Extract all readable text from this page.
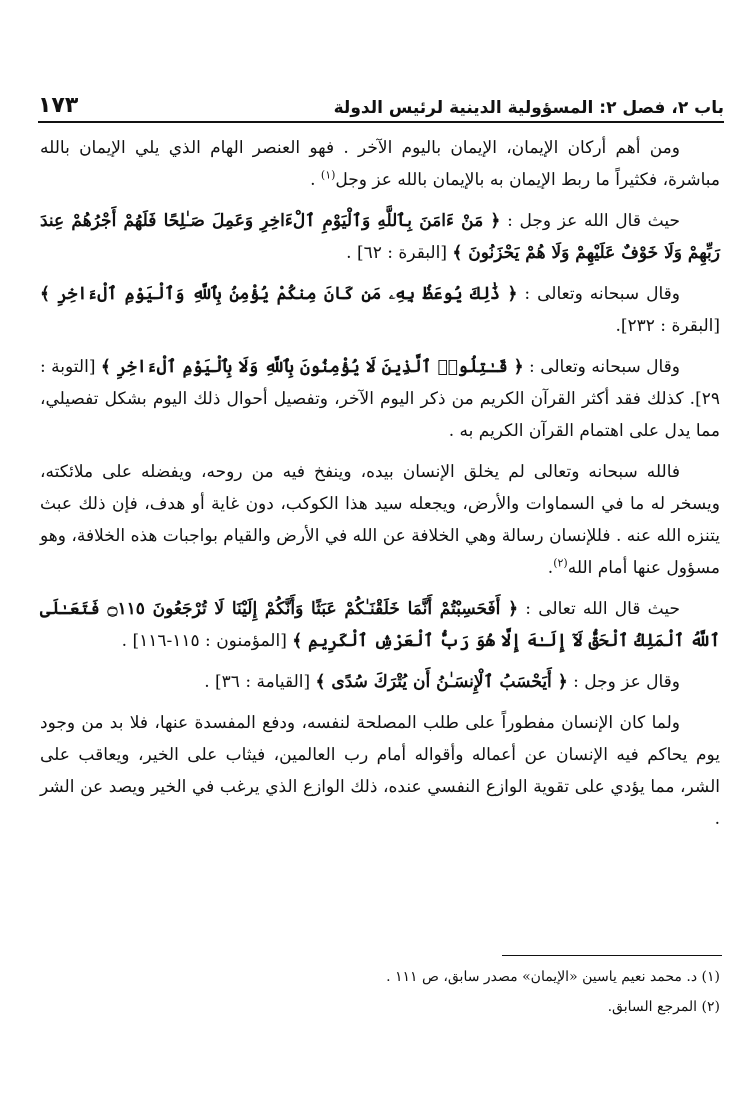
باب ٢، فصل ٢: المسؤولية الدينية لرئيس الدولة
١٧٣

ومن أهم أركان الإيمان، الإيمان باليوم الآخر . فهو العنصر الهام الذي يلي الإيمان بالله مباشرة، فكثيراً ما ربط الإيمان به بالإيمان بالله عز وجل$^{(١)}$ .

حيث قال الله عز وجل : ﴿ مَنْ ءَامَنَ بِٱللَّهِ وَٱلْيَوْمِ ٱلْءَاخِرِ وَعَمِلَ صَـٰلِحًا فَلَهُمْ أَجْرُهُمْ عِندَ رَبِّهِمْ وَلَا خَوْفٌ عَلَيْهِمْ وَلَا هُمْ يَحْزَنُونَ ﴾ [البقرة : ٦٢] .

وقال سبحانه وتعالى : ﴿ ذَٰلِكَ يُوعَظُ بِهِۦ مَن كَانَ مِنكُمْ يُؤْمِنُ بِٱللَّهِ وَٱلْيَوْمِ ٱلْءَاخِرِ ﴾ [البقرة : ٢٣٢].

وقال سبحانه وتعالى : ﴿ قَـٰتِلُوا۟ ٱلَّذِينَ لَا يُؤْمِنُونَ بِٱللَّهِ وَلَا بِٱلْيَوْمِ ٱلْءَاخِرِ ﴾ [التوبة : ٢٩]. كذلك فقد أكثر القرآن الكريم من ذكر اليوم الآخر، وتفصيل أحوال ذلك اليوم بشكل تفصيلي، مما يدل على اهتمام القرآن الكريم به .

فالله سبحانه وتعالى لم يخلق الإنسان بيده، وينفخ فيه من روحه، ويفضله على ملائكته، ويسخر له ما في السماوات والأرض، ويجعله سيد هذا الكوكب، دون غاية أو هدف، فإن ذلك عبث يتنزه الله عنه . فللإنسان رسالة وهي الخلافة عن الله في الأرض والقيام بواجبات هذه الخلافة، وهو مسؤول عنها أمام الله$^{(٢)}$.

حيث قال الله تعالى : ﴿ أَفَحَسِبْتُمْ أَنَّمَا خَلَقْنَـٰكُمْ عَبَثًا وَأَنَّكُمْ إِلَيْنَا لَا تُرْجَعُونَ ۝١١٥ فَتَعَـٰلَى ٱللَّهُ ٱلْمَلِكُ ٱلْحَقُّ لَآ إِلَـٰهَ إِلَّا هُوَ رَبُّ ٱلْعَرْشِ ٱلْكَرِيمِ ﴾ [المؤمنون : ١١٥-١١٦] .

وقال عز وجل : ﴿ أَيَحْسَبُ ٱلْإِنسَـٰنُ أَن يُتْرَكَ سُدًى ﴾ [القيامة : ٣٦] .

ولما كان الإنسان مفطوراً على طلب المصلحة لنفسه، ودفع المفسدة عنها، فلا بد من وجود يوم يحاكم فيه الإنسان عن أعماله وأقواله أمام رب العالمين، فيثاب على الخير، ويعاقب على الشر، مما يؤدي على تقوية الوازع النفسي عنده، ذلك الوازع الذي يرغب في الخير ويصد عن الشر .

(١) د. محمد نعيم ياسين «الإيمان» مصدر سابق، ص ١١١ .

(٢) المرجع السابق.
